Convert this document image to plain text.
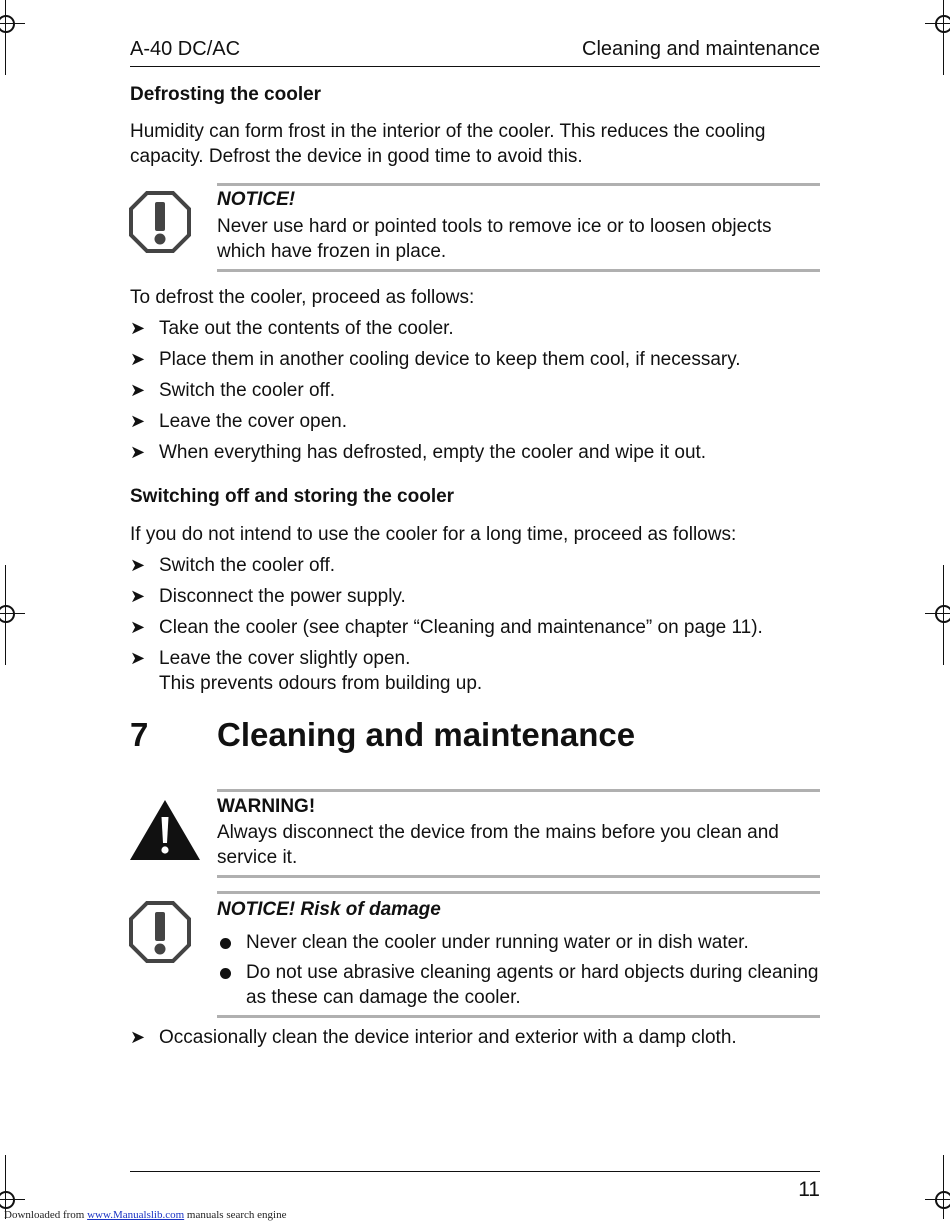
A-40 DC/AC	Cleaning and maintenance
Defrosting the cooler
Humidity can form frost in the interior of the cooler. This reduces the cooling capacity. Defrost the device in good time to avoid this.
NOTICE!
Never use hard or pointed tools to remove ice or to loosen objects which have frozen in place.
To defrost the cooler, proceed as follows:
➤ Take out the contents of the cooler.
➤ Place them in another cooling device to keep them cool, if necessary.
➤ Switch the cooler off.
➤ Leave the cover open.
➤ When everything has defrosted, empty the cooler and wipe it out.
Switching off and storing the cooler
If you do not intend to use the cooler for a long time, proceed as follows:
➤ Switch the cooler off.
➤ Disconnect the power supply.
➤ Clean the cooler (see chapter “Cleaning and maintenance” on page 11).
➤ Leave the cover slightly open.
This prevents odours from building up.
7 Cleaning and maintenance
WARNING!
Always disconnect the device from the mains before you clean and service it.
NOTICE! Risk of damage
Never clean the cooler under running water or in dish water.
Do not use abrasive cleaning agents or hard objects during cleaning as these can damage the cooler.
➤ Occasionally clean the device interior and exterior with a damp cloth.
11
Downloaded from www.Manualslib.com manuals search engine
